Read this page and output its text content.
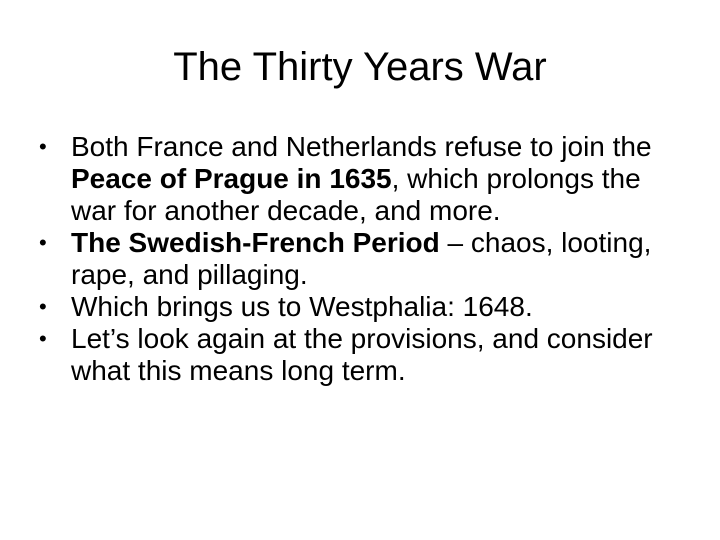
The Thirty Years War
• Both France and Netherlands refuse to join the Peace of Prague in 1635, which prolongs the war for another decade, and more.
• The Swedish-French Period – chaos, looting, rape, and pillaging.
• Which brings us to Westphalia: 1648.
• Let’s look again at the provisions, and consider what this means long term.
